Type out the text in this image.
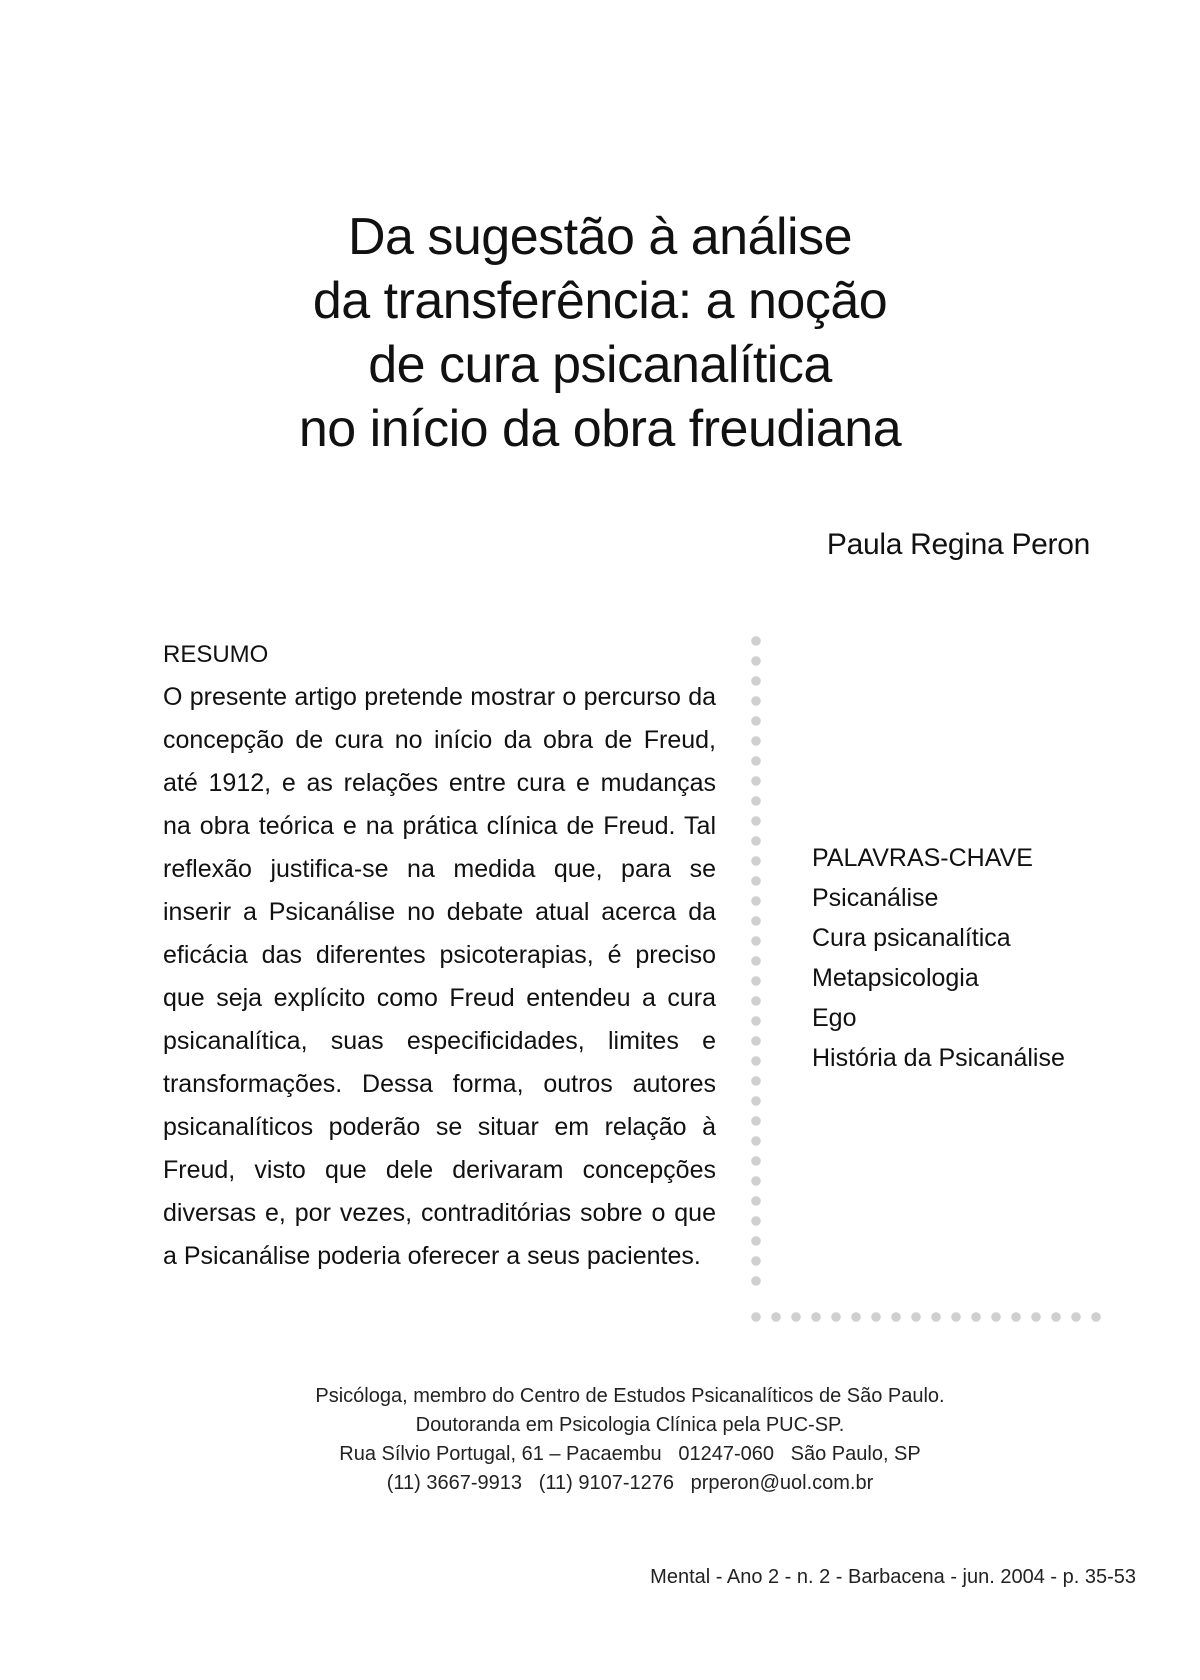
Da sugestão à análise
da transferência: a noção
de cura psicanalítica
no início da obra freudiana
Paula Regina Peron
RESUMO
O presente artigo pretende mostrar o percurso da concepção de cura no início da obra de Freud, até 1912, e as relações entre cura e mudanças na obra teórica e na prática clínica de Freud. Tal reflexão justifica-se na medida que, para se inserir a Psicanálise no debate atual acerca da eficácia das diferentes psicoterapias, é preciso que seja explícito como Freud entendeu a cura psicanalítica, suas especificidades, limites e transformações. Dessa forma, outros autores psicanalíticos poderão se situar em relação à Freud, visto que dele derivaram concepções diversas e, por vezes, contraditórias sobre o que a Psicanálise poderia oferecer a seus pacientes.
PALAVRAS-CHAVE
Psicanálise
Cura psicanalítica
Metapsicologia
Ego
História da Psicanálise
Psicóloga, membro do Centro de Estudos Psicanalíticos de São Paulo.
Doutoranda em Psicologia Clínica pela PUC-SP.
Rua Sílvio Portugal, 61 – Pacaembu   01247-060   São Paulo, SP
(11) 3667-9913   (11) 9107-1276   prperon@uol.com.br
Mental - Ano 2 - n. 2 - Barbacena - jun. 2004 - p. 35-53
